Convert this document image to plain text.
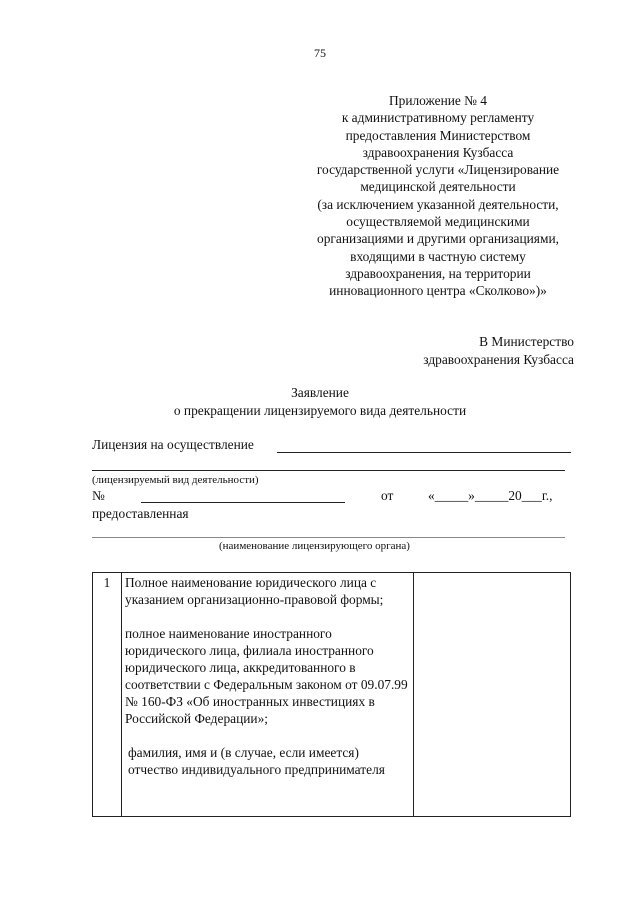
75
Приложение № 4
к административному регламенту
предоставления Министерством
здравоохранения Кузбасса
государственной услуги «Лицензирование
медицинской деятельности
(за исключением указанной деятельности,
осуществляемой медицинскими
организациями и другими организациями,
входящими в частную систему
здравоохранения, на территории
инновационного центра «Сколково»)»
В Министерство
здравоохранения Кузбасса
Заявление
о прекращении лицензируемого вида деятельности
Лицензия на осуществление
(лицензируемый вид деятельности)
№	от	«_____»_____20___г.,
предоставленная
(наименование лицензирующего органа)
1	Полное наименование юридического лица с указанием организационно-правовой формы;

полное наименование иностранного юридического лица, филиала иностранного юридического лица, аккредитованного в соответствии с Федеральным законом от 09.07.99 № 160-ФЗ «Об иностранных инвестициях в Российской Федерации»;

фамилия, имя и (в случае, если имеется) отчество индивидуального предпринимателя
